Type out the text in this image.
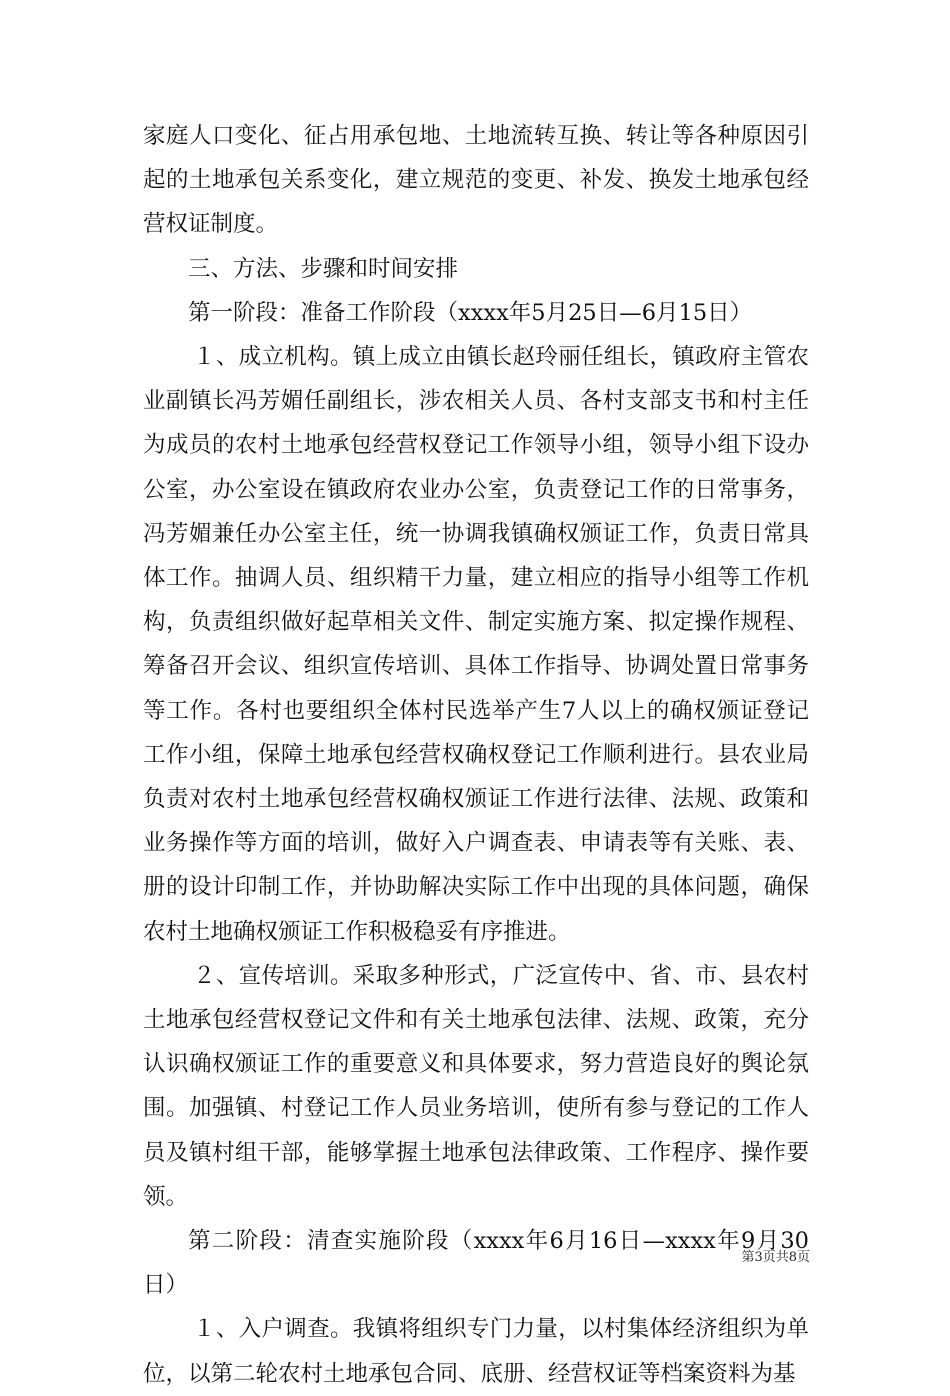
家庭人口变化、征占用承包地、土地流转互换、转让等各种原因引起的土地承包关系变化，建立规范的变更、补发、换发土地承包经营权证制度。

三、方法、步骤和时间安排

第一阶段：准备工作阶段（xxxx年5月25日—6月15日）

１、成立机构。镇上成立由镇长赵玲丽任组长，镇政府主管农业副镇长冯芳媚任副组长，涉农相关人员、各村支部支书和村主任为成员的农村土地承包经营权登记工作领导小组，领导小组下设办公室，办公室设在镇政府农业办公室，负责登记工作的日常事务，冯芳媚兼任办公室主任，统一协调我镇确权颁证工作，负责日常具体工作。抽调人员、组织精干力量，建立相应的指导小组等工作机构，负责组织做好起草相关文件、制定实施方案、拟定操作规程、筹备召开会议、组织宣传培训、具体工作指导、协调处置日常事务等工作。各村也要组织全体村民选举产生7人以上的确权颁证登记工作小组，保障土地承包经营权确权登记工作顺利进行。县农业局负责对农村土地承包经营权确权颁证工作进行法律、法规、政策和业务操作等方面的培训，做好入户调查表、申请表等有关账、表、册的设计印制工作，并协助解决实际工作中出现的具体问题，确保农村土地确权颁证工作积极稳妥有序推进。

２、宣传培训。采取多种形式，广泛宣传中、省、市、县农村土地承包经营权登记文件和有关土地承包法律、法规、政策，充分认识确权颁证工作的重要意义和具体要求，努力营造良好的舆论氛围。加强镇、村登记工作人员业务培训，使所有参与登记的工作人员及镇村组干部，能够掌握土地承包法律政策、工作程序、操作要领。

第二阶段：清查实施阶段（xxxx年6月16日—xxxx年9月30日）

１、入户调查。我镇将组织专门力量，以村集体经济组织为单位，以第二轮农村土地承包合同、底册、经营权证等档案资料为基

第3页共8页
